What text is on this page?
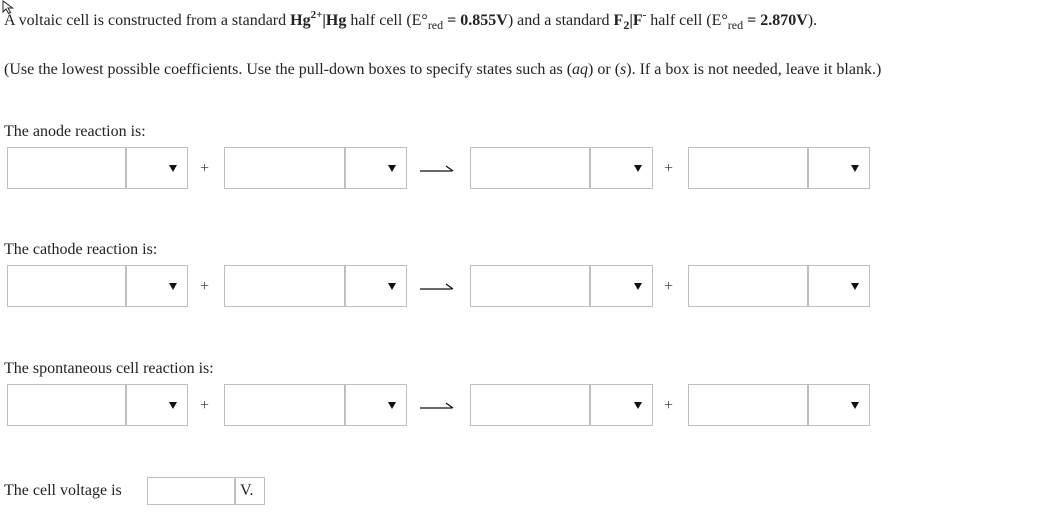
A voltaic cell is constructed from a standard $Hg^{2+}|Hg$ half cell $(E^\circ_{red} = 0.855V)$ and a standard $F_2|F^-$ half cell $(E^\circ_{red} = 2.870V)$.
(Use the lowest possible coefficients. Use the pull-down boxes to specify states such as (aq) or (s). If a box is not needed, leave it blank.)
The anode reaction is:
+	+
The cathode reaction is:
+	+
The spontaneous cell reaction is:
+	+
The cell voltage is	V.
